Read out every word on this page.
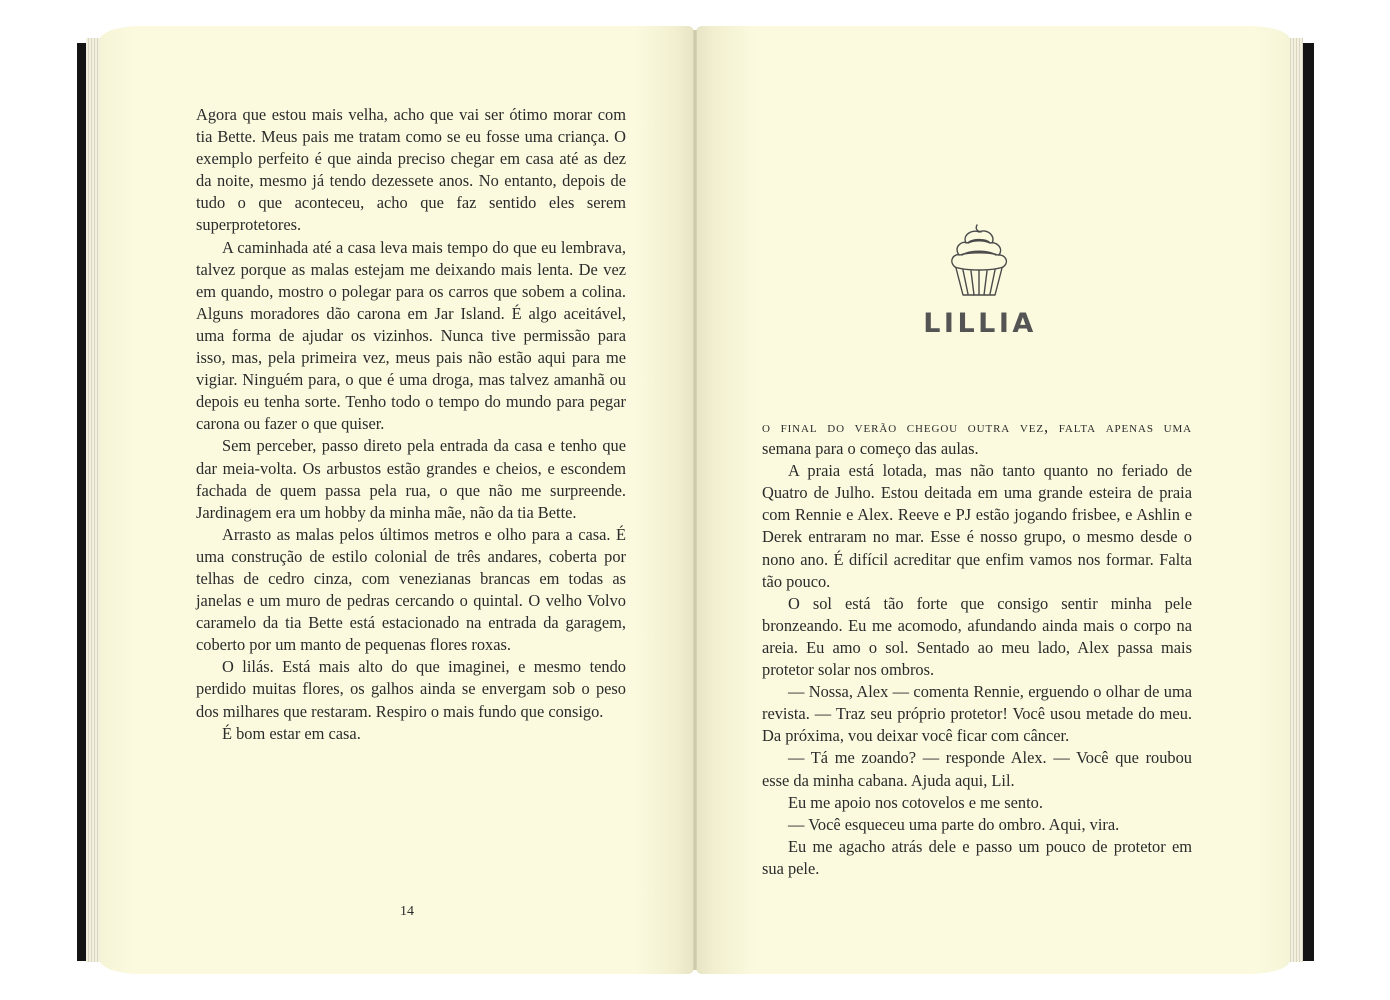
Agora que estou mais velha, acho que vai ser ótimo morar com tia Bette. Meus pais me tratam como se eu fosse uma criança. O exemplo perfeito é que ainda preciso chegar em casa até as dez da noite, mesmo já tendo dezessete anos. No entanto, depois de tudo o que aconteceu, acho que faz sentido eles serem superprotetores.

A caminhada até a casa leva mais tempo do que eu lembrava, talvez porque as malas estejam me deixando mais lenta. De vez em quando, mostro o polegar para os carros que sobem a colina. Alguns moradores dão carona em Jar Island. É algo aceitável, uma forma de ajudar os vizinhos. Nunca tive permissão para isso, mas, pela primeira vez, meus pais não estão aqui para me vigiar. Ninguém para, o que é uma droga, mas talvez amanhã ou depois eu tenha sorte. Tenho todo o tempo do mundo para pegar carona ou fazer o que quiser.

Sem perceber, passo direto pela entrada da casa e tenho que dar meia-volta. Os arbustos estão grandes e cheios, e escondem fachada de quem passa pela rua, o que não me surpreende. Jardinagem era um hobby da minha mãe, não da tia Bette.

Arrasto as malas pelos últimos metros e olho para a casa. É uma construção de estilo colonial de três andares, coberta por telhas de cedro cinza, com venezianas brancas em todas as janelas e um muro de pedras cercando o quintal. O velho Volvo caramelo da tia Bette está estacionado na entrada da garagem, coberto por um manto de pequenas flores roxas.

O lilás. Está mais alto do que imaginei, e mesmo tendo perdido muitas flores, os galhos ainda se envergam sob o peso dos milhares que restaram. Respiro o mais fundo que consigo.

É bom estar em casa.

14
LILLIA

o final do verão chegou outra vez, falta apenas uma semana para o começo das aulas.

A praia está lotada, mas não tanto quanto no feriado de Quatro de Julho. Estou deitada em uma grande esteira de praia com Rennie e Alex. Reeve e PJ estão jogando frisbee, e Ashlin e Derek entraram no mar. Esse é nosso grupo, o mesmo desde o nono ano. É difícil acreditar que enfim vamos nos formar. Falta tão pouco.

O sol está tão forte que consigo sentir minha pele bronzeando. Eu me acomodo, afundando ainda mais o corpo na areia. Eu amo o sol. Sentado ao meu lado, Alex passa mais protetor solar nos ombros.

— Nossa, Alex — comenta Rennie, erguendo o olhar de uma revista. — Traz seu próprio protetor! Você usou metade do meu. Da próxima, vou deixar você ficar com câncer.

— Tá me zoando? — responde Alex. — Você que roubou esse da minha cabana. Ajuda aqui, Lil.

Eu me apoio nos cotovelos e me sento.

— Você esqueceu uma parte do ombro. Aqui, vira.

Eu me agacho atrás dele e passo um pouco de protetor em sua pele.
